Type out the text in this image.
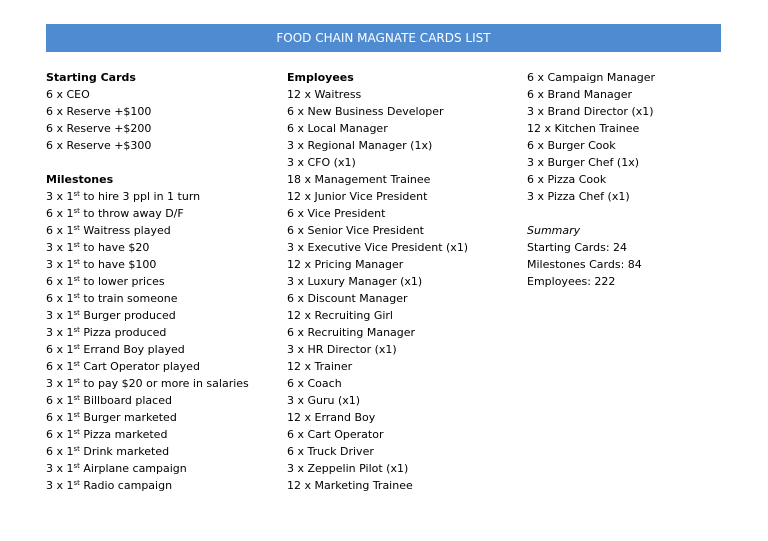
FOOD CHAIN MAGNATE CARDS LIST
Starting Cards
6 x CEO
6 x Reserve +$100
6 x Reserve +$200
6 x Reserve +$300
Milestones
3 x 1st to hire 3 ppl in 1 turn
6 x 1st to throw away D/F
6 x 1st Waitress played
3 x 1st to have $20
3 x 1st to have $100
6 x 1st to lower prices
6 x 1st to train someone
3 x 1st Burger produced
3 x 1st Pizza produced
6 x 1st Errand Boy played
6 x 1st Cart Operator played
3 x 1st to pay $20 or more in salaries
6 x 1st Billboard placed
6 x 1st Burger marketed
6 x 1st Pizza marketed
6 x 1st Drink marketed
3 x 1st Airplane campaign
3 x 1st Radio campaign
Employees
12 x Waitress
6 x New Business Developer
6 x Local Manager
3 x Regional Manager (1x)
3 x CFO (x1)
18 x Management Trainee
12 x Junior Vice President
6 x Vice President
6 x Senior Vice President
3 x Executive Vice President (x1)
12 x Pricing Manager
3 x Luxury Manager (x1)
6 x Discount Manager
12 x Recruiting Girl
6 x Recruiting Manager
3 x HR Director (x1)
12 x Trainer
6 x Coach
3 x Guru (x1)
12 x Errand Boy
6 x Cart Operator
6 x Truck Driver
3 x Zeppelin Pilot (x1)
12 x Marketing Trainee
6 x Campaign Manager
6 x Brand Manager
3 x Brand Director (x1)
12 x Kitchen Trainee
6 x Burger Cook
3 x Burger Chef (1x)
6 x Pizza Cook
3 x Pizza Chef (x1)
Summary
Starting Cards: 24
Milestones Cards: 84
Employees: 222
